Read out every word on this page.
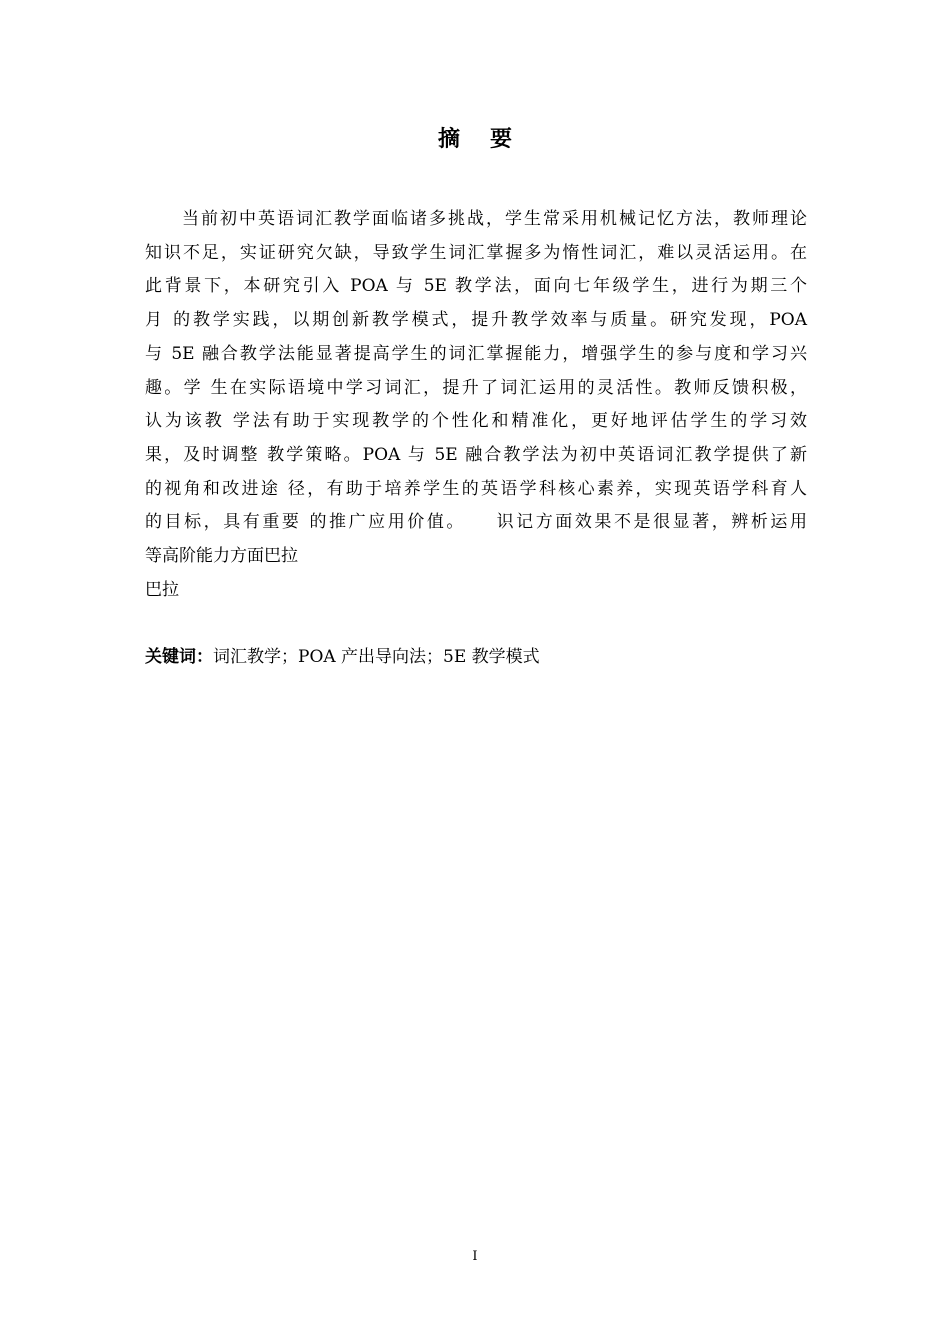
摘要
当前初中英语词汇教学面临诸多挑战，学生常采用机械记忆方法，教师理论
知识不足，实证研究欠缺，导致学生词汇掌握多为惰性词汇，难以灵活运用。在
此背景下，本研究引入 POA 与 5E 教学法，面向七年级学生，进行为期三个
月 的教学实践，以期创新教学模式，提升教学效率与质量。研究发现，POA
与 5E 融合教学法能显著提高学生的词汇掌握能力，增强学生的参与度和学习兴
趣。学 生在实际语境中学习词汇，提升了词汇运用的灵活性。教师反馈积极，
认为该教 学法有助于实现教学的个性化和精准化，更好地评估学生的学习效
果，及时调整 教学策略。POA 与 5E 融合教学法为初中英语词汇教学提供了新
的视角和改进途 径，有助于培养学生的英语学科核心素养，实现英语学科育人
的目标，具有重要 的推广应用价值。　　识记方面效果不是很显著，辨析运用
等高阶能力方面巴拉
巴拉
关键词：词汇教学；POA 产出导向法；5E 教学模式
I
